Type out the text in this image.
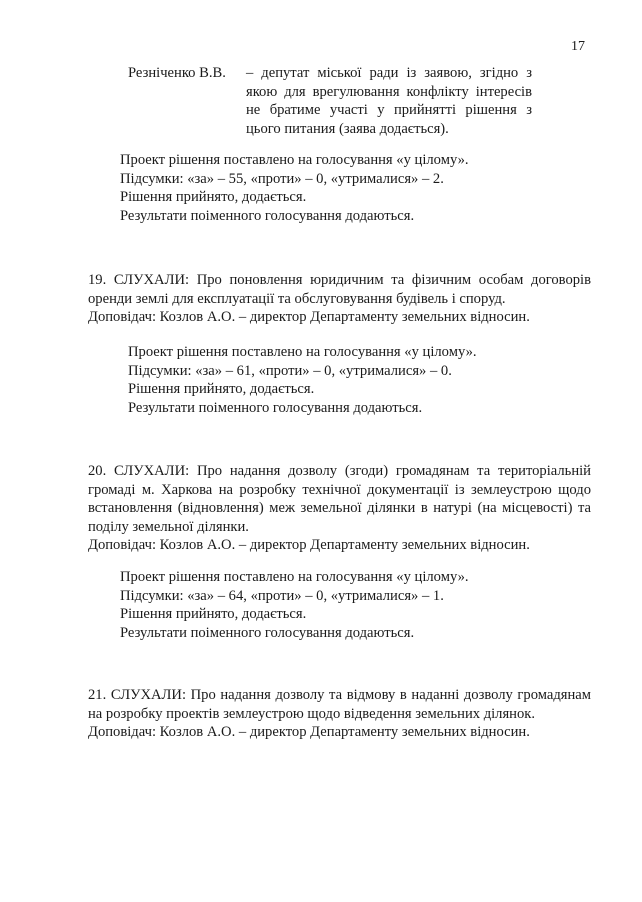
17
Резніченко В.В. – депутат міської ради із заявою, згідно з якою для врегулювання конфлікту інтересів не братиме участі у прийнятті рішення з цього питания (заява додається).
Проект рішення поставлено на голосування «у цілому».
Підсумки: «за» – 55, «проти» – 0, «утрималися» – 2.
Рішення прийнято, додається.
Результати поіменного голосування додаються.
19. СЛУХАЛИ: Про поновлення юридичним та фізичним особам договорів оренди землі для експлуатації та обслуговування будівель і споруд.
Доповідач: Козлов А.О. – директор Департаменту земельних відносин.
Проект рішення поставлено на голосування «у цілому».
Підсумки: «за» – 61, «проти» – 0, «утрималися» – 0.
Рішення прийнято, додається.
Результати поіменного голосування додаються.
20. СЛУХАЛИ: Про надання дозволу (згоди) громадянам та територіальній громаді м. Харкова на розробку технічної документації із землеустрою щодо встановлення (відновлення) меж земельної ділянки в натурі (на місцевості) та поділу земельної ділянки.
Доповідач: Козлов А.О. – директор Департаменту земельних відносин.
Проект рішення поставлено на голосування «у цілому».
Підсумки: «за» – 64, «проти» – 0, «утрималися» – 1.
Рішення прийнято, додається.
Результати поіменного голосування додаються.
21. СЛУХАЛИ: Про надання дозволу та відмову в наданні дозволу громадянам на розробку проектів землеустрою щодо відведення земельних ділянок.
Доповідач: Козлов А.О. – директор Департаменту земельних відносин.
